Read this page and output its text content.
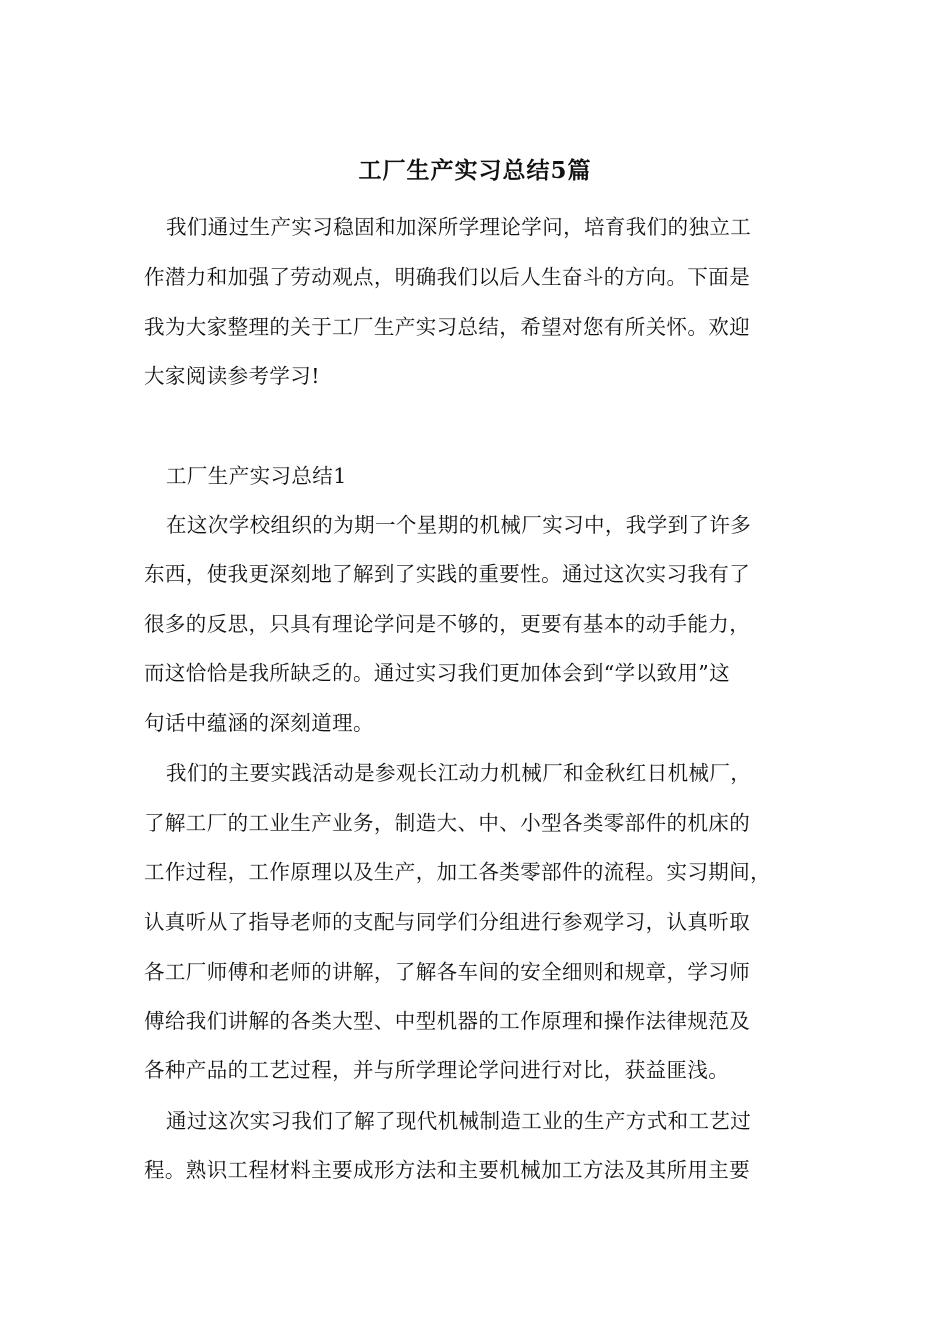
工厂生产实习总结5篇
我们通过生产实习稳固和加深所学理论学问，培育我们的独立工
作潜力和加强了劳动观点，明确我们以后人生奋斗的方向。下面是
我为大家整理的关于工厂生产实习总结，希望对您有所关怀。欢迎
大家阅读参考学习!
工厂生产实习总结1
在这次学校组织的为期一个星期的机械厂实习中，我学到了许多
东西，使我更深刻地了解到了实践的重要性。通过这次实习我有了
很多的反思，只具有理论学问是不够的，更要有基本的动手能力，
而这恰恰是我所缺乏的。通过实习我们更加体会到“学以致用”这
句话中蕴涵的深刻道理。
我们的主要实践活动是参观长江动力机械厂和金秋红日机械厂，
了解工厂的工业生产业务，制造大、中、小型各类零部件的机床的
工作过程，工作原理以及生产，加工各类零部件的流程。实习期间，
认真听从了指导老师的支配与同学们分组进行参观学习，认真听取
各工厂师傅和老师的讲解，了解各车间的安全细则和规章，学习师
傅给我们讲解的各类大型、中型机器的工作原理和操作法律规范及
各种产品的工艺过程，并与所学理论学问进行对比，获益匪浅。
通过这次实习我们了解了现代机械制造工业的生产方式和工艺过
程。熟识工程材料主要成形方法和主要机械加工方法及其所用主要
